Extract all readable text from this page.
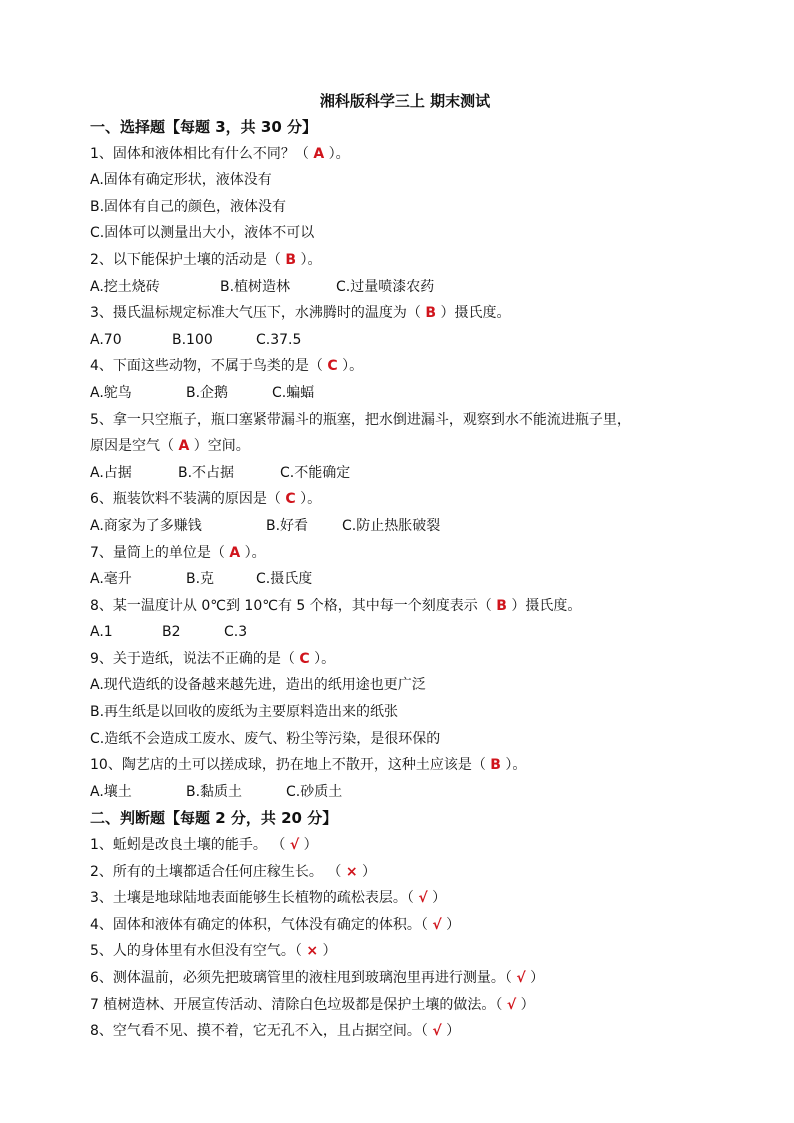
湘科版科学三上 期末测试
一、选择题【每题 3，共 30 分】
1、固体和液体相比有什么不同？（ A ）。
A.固体有确定形状，液体没有
B.固体有自己的颜色，液体没有
C.固体可以测量出大小，液体不可以
2、以下能保护土壤的活动是（ B ）。
A.挖土烧砖	B.植树造林	C.过量喷漆农药
3、摄氏温标规定标准大气压下，水沸腾时的温度为（ B ）摄氏度。
A.70	B.100	C.37.5
4、下面这些动物，不属于鸟类的是（ C ）。
A.鸵鸟	B.企鹅	C.蝙蝠
5、拿一只空瓶子，瓶口塞紧带漏斗的瓶塞，把水倒进漏斗，观察到水不能流进瓶子里，
原因是空气（ A ）空间。
A.占据	B.不占据	C.不能确定
6、瓶装饮料不装满的原因是（ C ）。
A.商家为了多赚钱	B.好看 C.防止热胀破裂
7、量筒上的单位是（ A ）。
A.毫升	B.克	C.摄氏度
8、某一温度计从 0℃到 10℃有 5 个格，其中每一个刻度表示（ B ）摄氏度。
A.1	B2	C.3
9、关于造纸，说法不正确的是（ C ）。
A.现代造纸的设备越来越先进，造出的纸用途也更广泛
B.再生纸是以回收的废纸为主要原料造出来的纸张
C.造纸不会造成工废水、废气、粉尘等污染，是很环保的
10、陶艺店的土可以搓成球，扔在地上不散开，这种土应该是（ B ）。
A.壤土	B.黏质土	C.砂质土
二、判断题【每题 2 分，共 20 分】
1、蚯蚓是改良土壤的能手。 （ √ ）
2、所有的土壤都适合任何庄稼生长。 （ × ）
3、土壤是地球陆地表面能够生长植物的疏松表层。（ √ ）
4、固体和液体有确定的体积，气体没有确定的体积。（ √ ）
5、人的身体里有水但没有空气。（ × ）
6、测体温前，必须先把玻璃管里的液柱甩到玻璃泡里再进行测量。（ √ ）
7 植树造林、开展宣传活动、清除白色垃圾都是保护土壤的做法。（ √ ）
8、空气看不见、摸不着，它无孔不入，且占据空间。（ √ ）
